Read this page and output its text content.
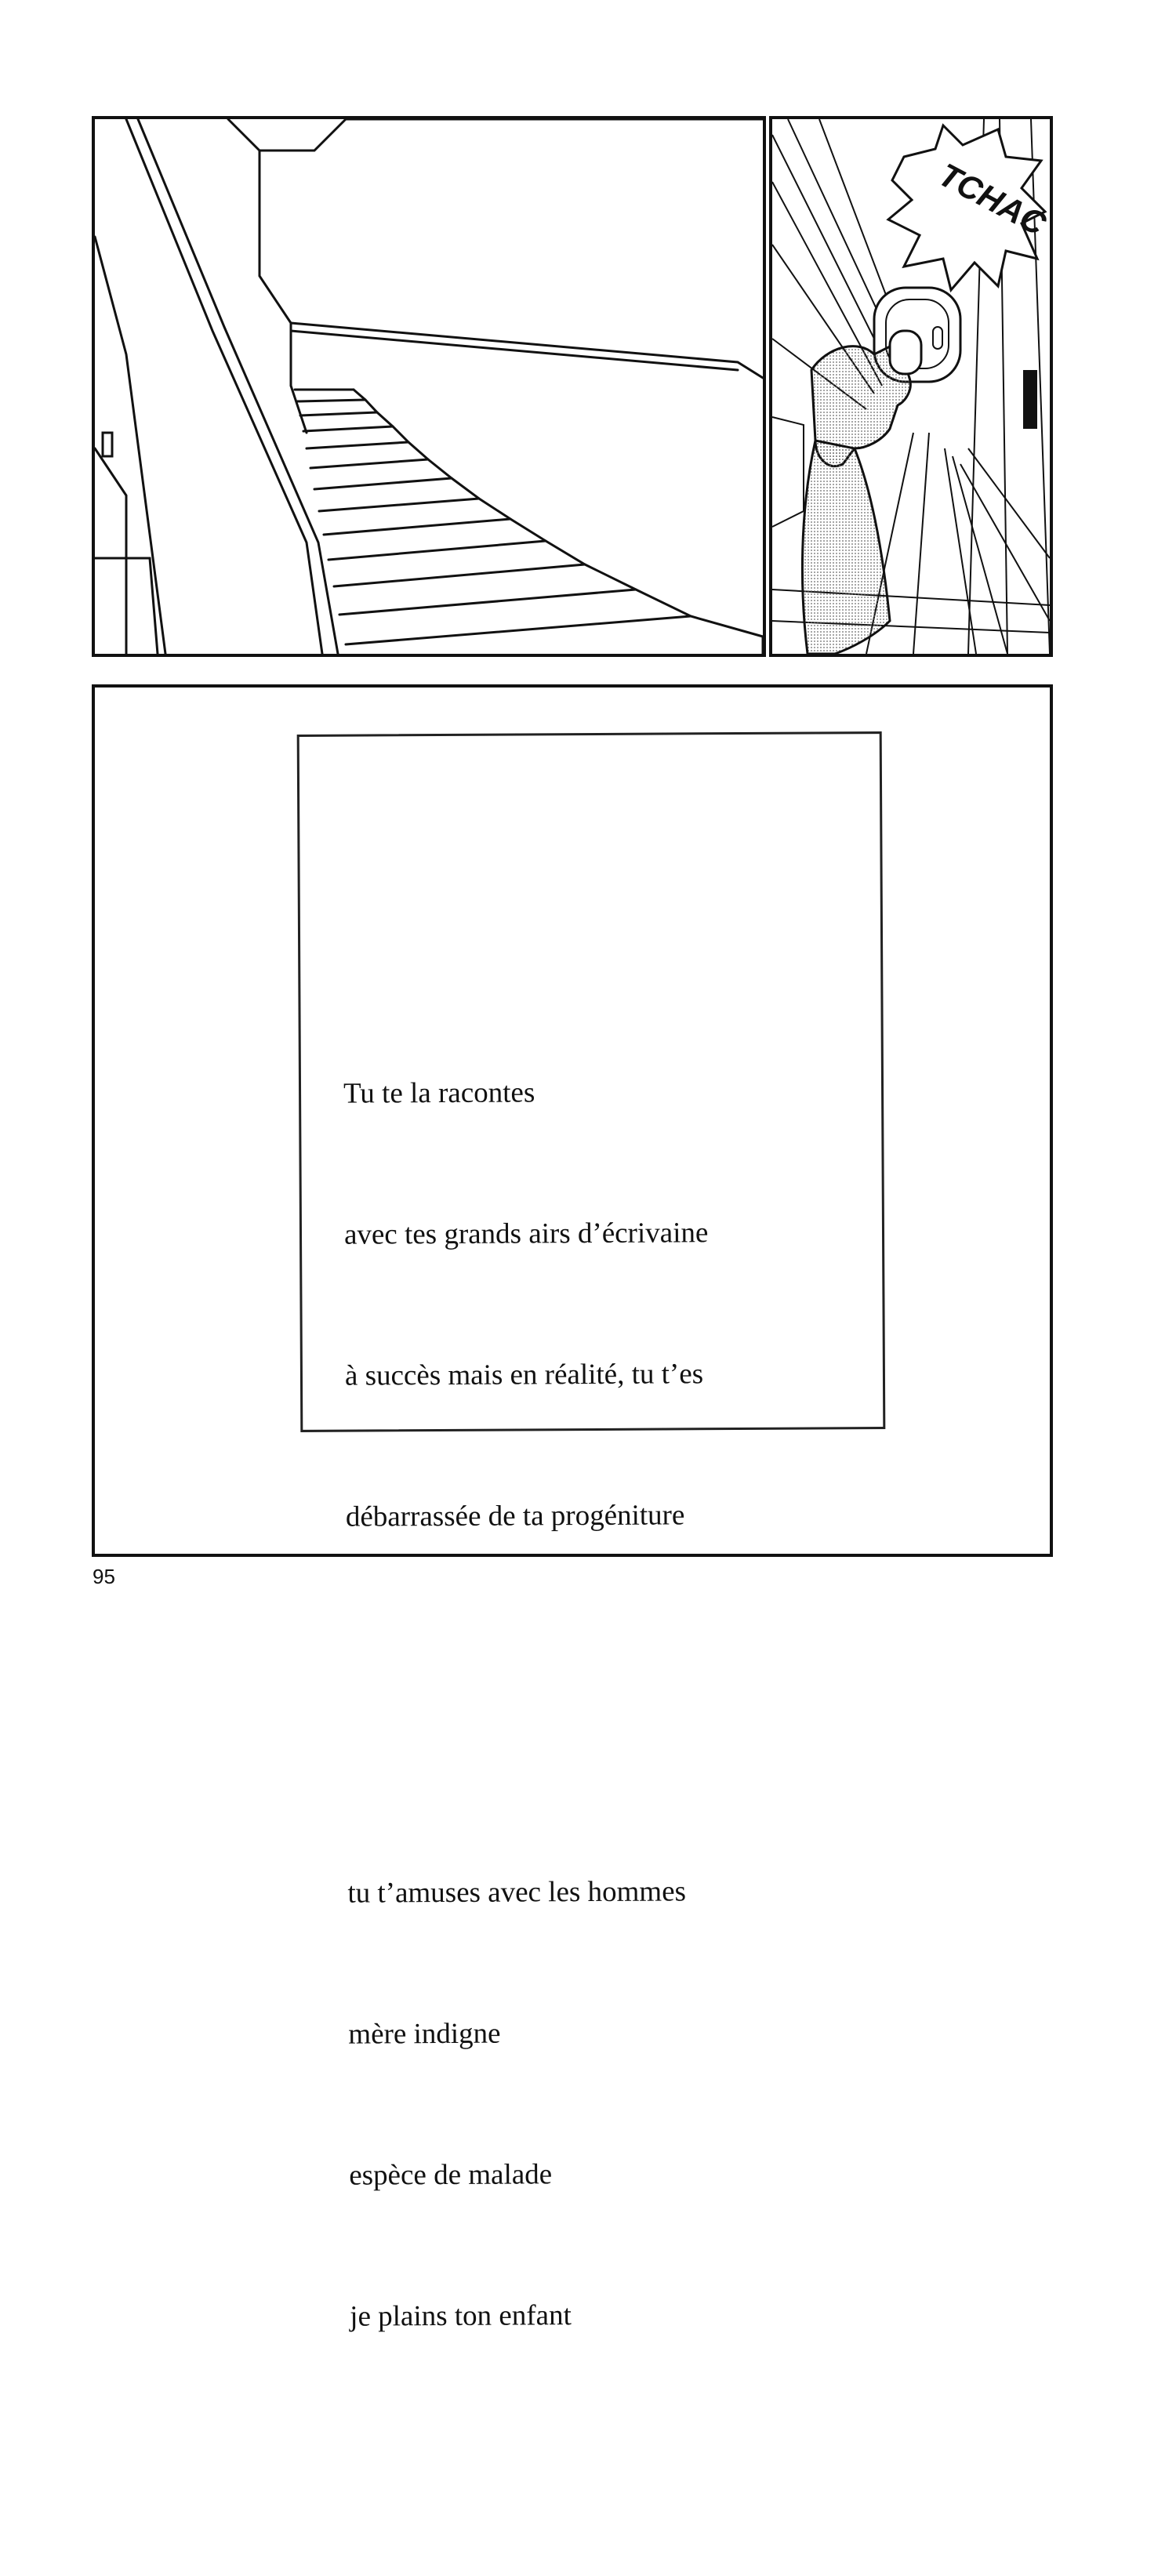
TCHAC

Tu te la racontes

avec tes grands airs d’écrivaine

à succès mais en réalité, tu t’es

débarrassée de ta progéniture

tu t’amuses avec les hommes

mère indigne

espèce de malade

je plains ton enfant

95
